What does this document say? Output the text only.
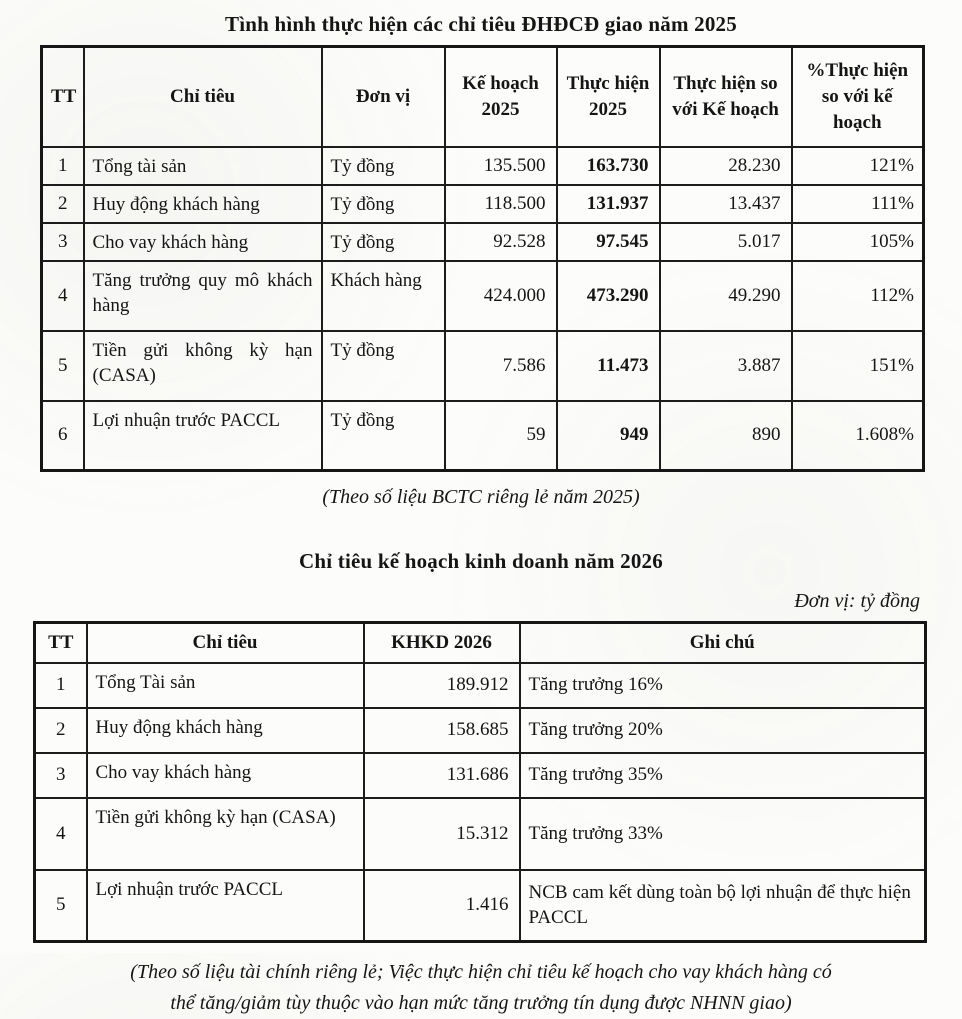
Tình hình thực hiện các chỉ tiêu ĐHĐCĐ giao năm 2025
TT	Chỉ tiêu	Đơn vị	Kế hoạch 2025	Thực hiện 2025	Thực hiện so với Kế hoạch	%Thực hiện so với kế hoạch
1	Tổng tài sản	Tỷ đồng	135.500	163.730	28.230	121%
2	Huy động khách hàng	Tỷ đồng	118.500	131.937	13.437	111%
3	Cho vay khách hàng	Tỷ đồng	92.528	97.545	5.017	105%
4	Tăng trưởng quy mô khách hàng	Khách hàng	424.000	473.290	49.290	112%
5	Tiền gửi không kỳ hạn (CASA)	Tỷ đồng	7.586	11.473	3.887	151%
6	Lợi nhuận trước PACCL	Tỷ đồng	59	949	890	1.608%

(Theo số liệu BCTC riêng lẻ năm 2025)

Chỉ tiêu kế hoạch kinh doanh năm 2026

Đơn vị: tỷ đồng

TT	Chỉ tiêu	KHKD 2026	Ghi chú
1	Tổng Tài sản	189.912	Tăng trưởng 16%
2	Huy động khách hàng	158.685	Tăng trưởng 20%
3	Cho vay khách hàng	131.686	Tăng trưởng 35%
4	Tiền gửi không kỳ hạn (CASA)	15.312	Tăng trưởng 33%
5	Lợi nhuận trước PACCL	1.416	NCB cam kết dùng toàn bộ lợi nhuận để thực hiện PACCL

(Theo số liệu tài chính riêng lẻ; Việc thực hiện chỉ tiêu kế hoạch cho vay khách hàng có
thể tăng/giảm tùy thuộc vào hạn mức tăng trưởng tín dụng được NHNN giao)
